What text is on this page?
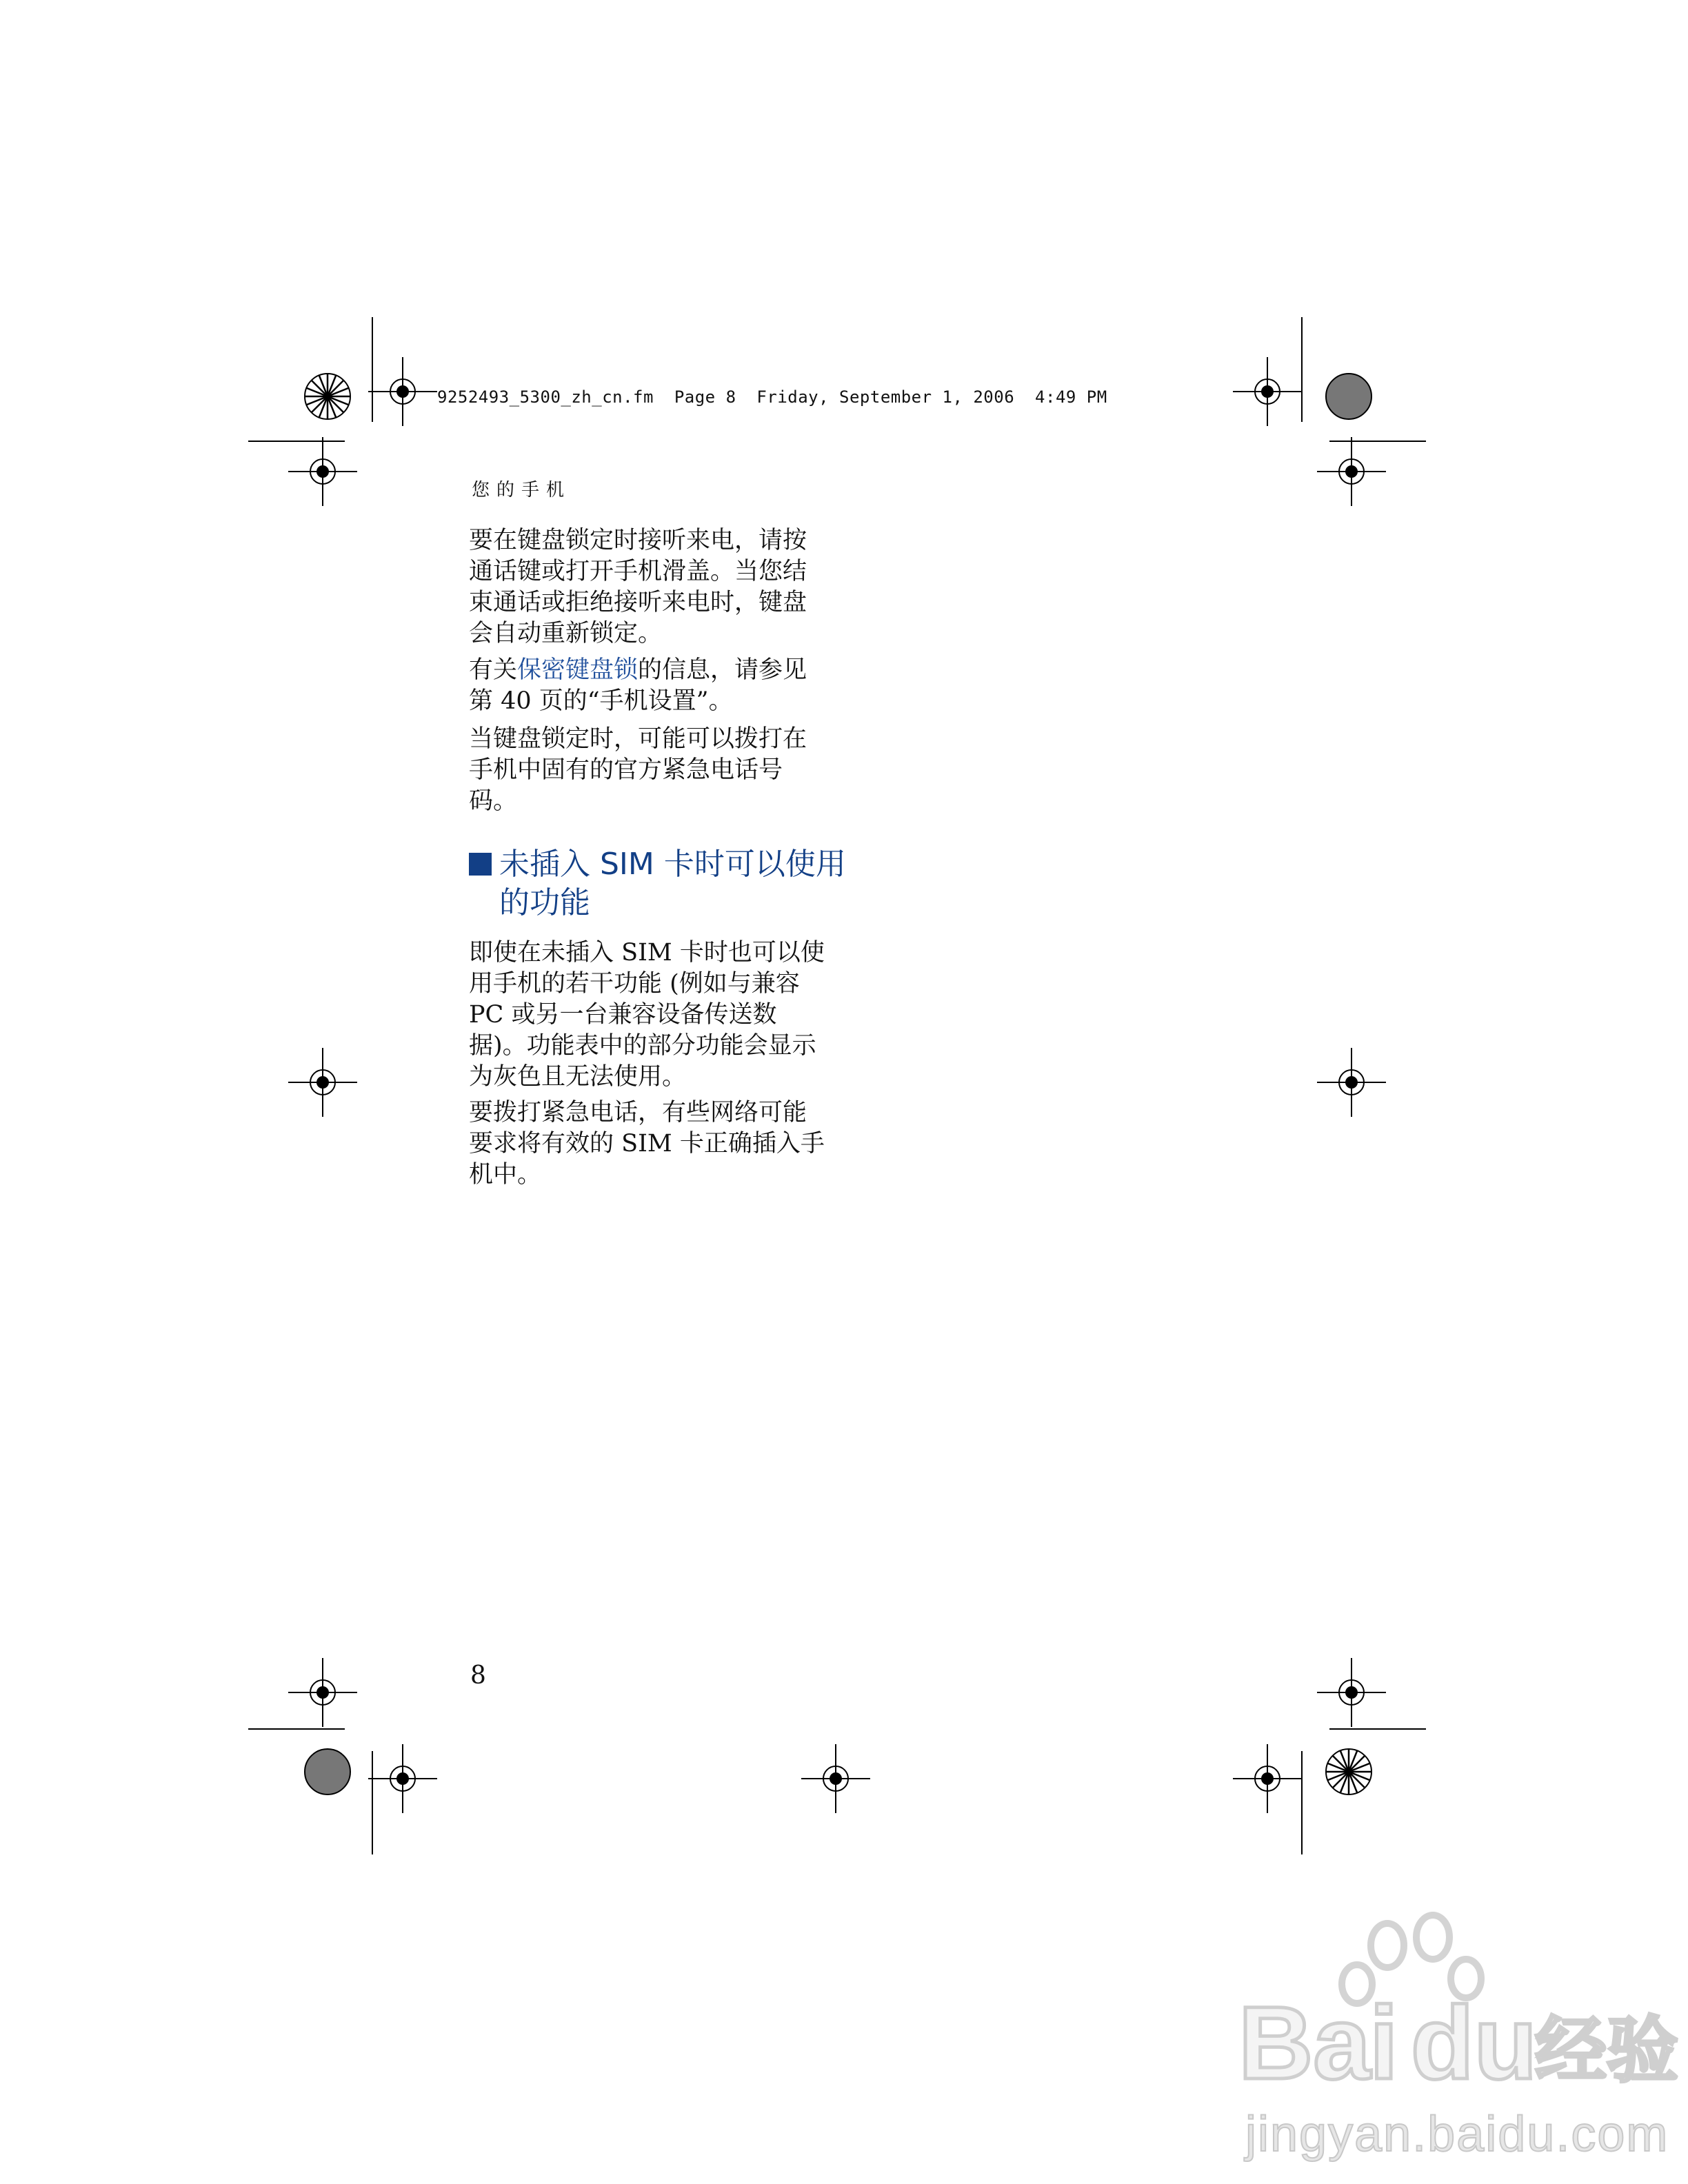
9252493_5300_zh_cn.fm  Page 8  Friday, September 1, 2006  4:49 PM
您的手机
要在键盘锁定时接听来电，请按通话键或打开手机滑盖。当您结束通话或拒绝接听来电时，键盘会自动重新锁定。
有关保密键盘锁的信息，请参见第 40 页的“手机设置”。
当键盘锁定时，可能可以拨打在手机中固有的官方紧急电话号码。
未插入 SIM 卡时可以使用的功能
即使在未插入 SIM 卡时也可以使用手机的若干功能 (例如与兼容 PC 或另一台兼容设备传送数据)。功能表中的部分功能会显示为灰色且无法使用。
要拨打紧急电话，有些网络可能要求将有效的 SIM 卡正确插入手机中。
8
Ba
i du
经验
jingyan.baidu.com
